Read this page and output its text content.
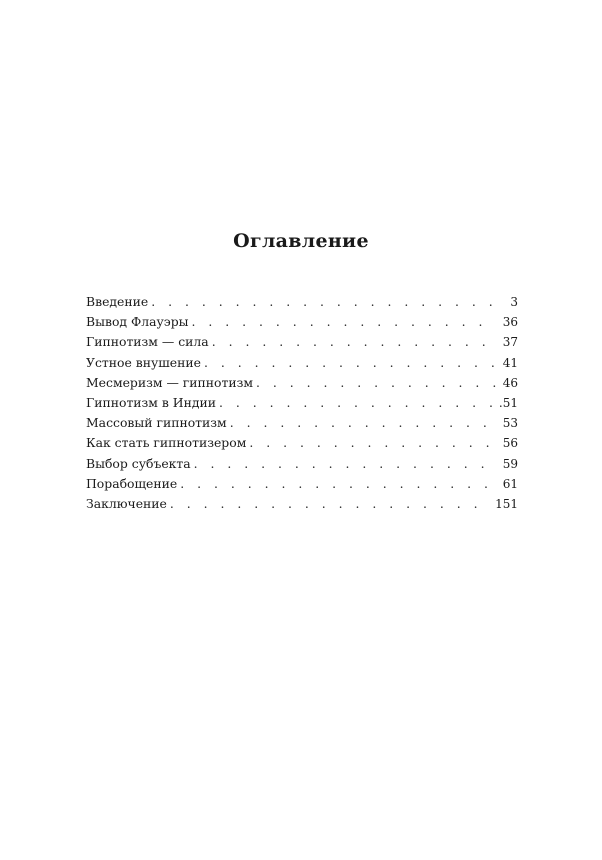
Оглавление
Введение . . .	3
Вывод Флауэры . . .	36
Гипнотизм — сила . . .	37
Устное внушение . . .	41
Месмеризм — гипнотизм . . .	46
Гипнотизм в Индии . . .	.51
Массовый гипнотизм . . .	53
Как стать гипнотизером . . .	56
Выбор субъекта . . .	59
Порабощение . . .	61
Заключение . . .	151
